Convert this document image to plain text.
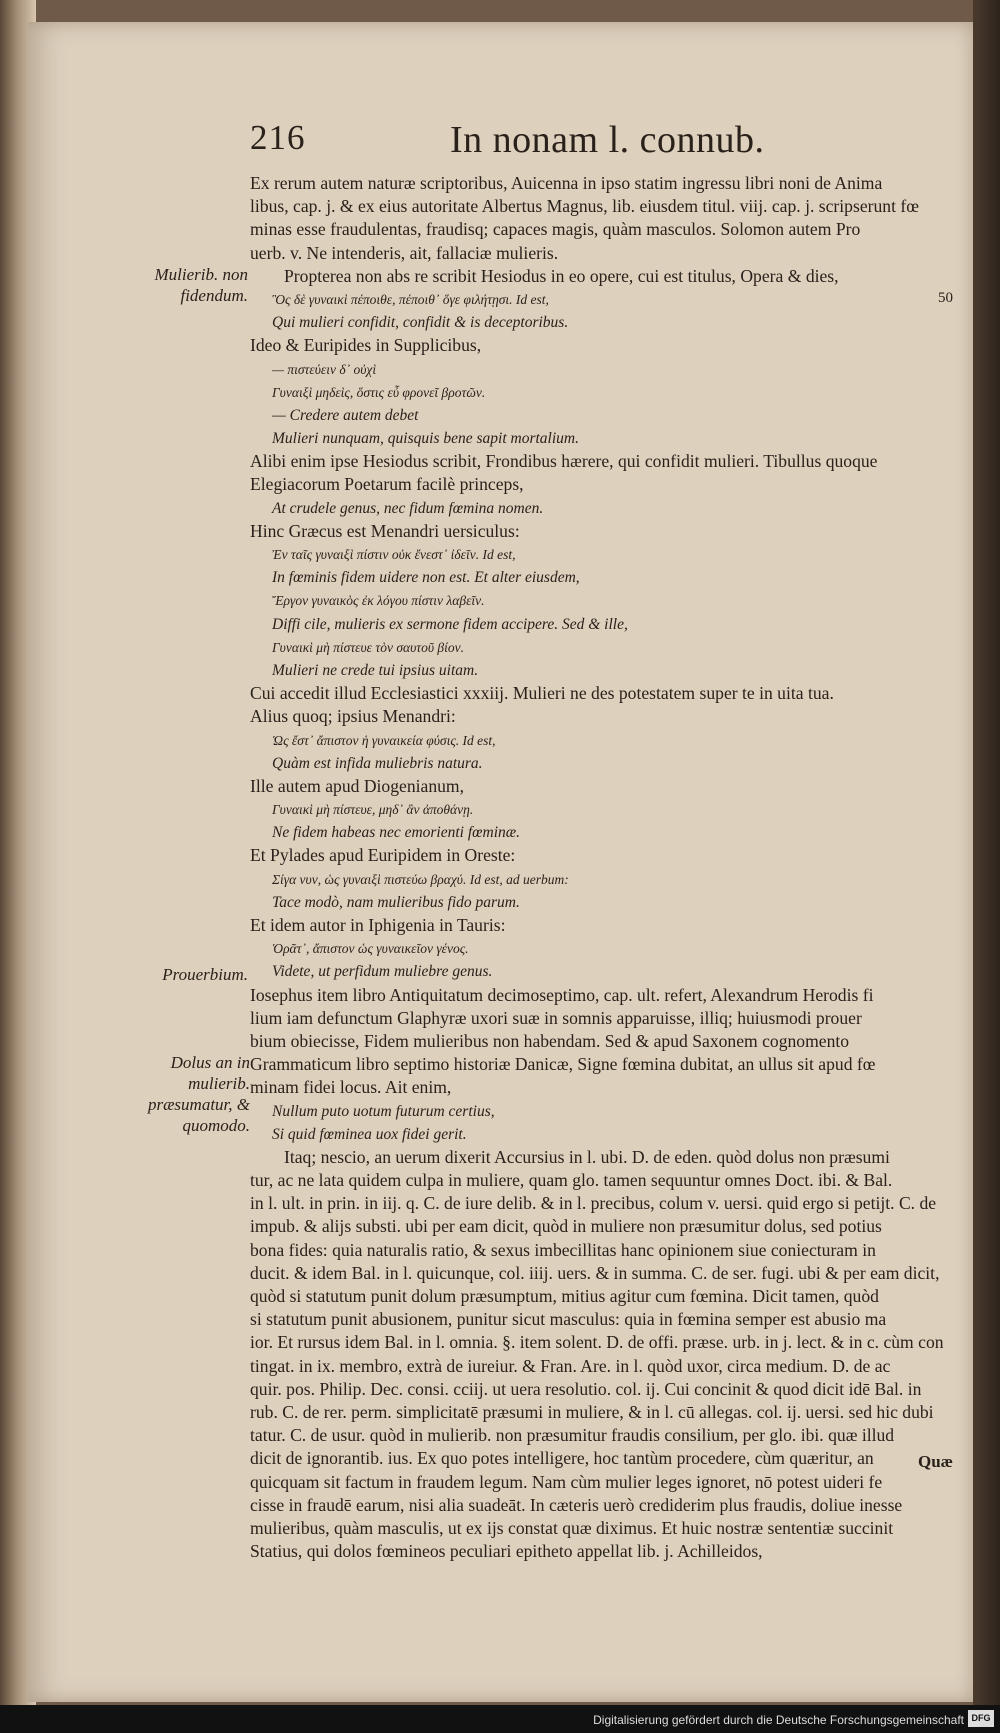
216	In nonam l. connub.
Mulierib. non fidendum.
Prouerbium.
Dolus an in mulierib. præsumatur, & quomodo.
50
Ex rerum autem naturæ scriptoribus, Auicenna in ipso statim ingressu libri noni de Anima
libus, cap. j. & ex eius autoritate Albertus Magnus, lib. eiusdem titul. viij. cap. j. scripserunt fœ
minas esse fraudulentas, fraudisq; capaces magis, quàm masculos. Solomon autem Pro
uerb. v. Ne intenderis, ait, fallaciæ mulieris.
Propterea non abs re scribit Hesiodus in eo opere, cui est titulus, Opera & dies,
Ὃς δὲ γυναικὶ πέποιθε, πέποιθ᾽ ὅγε φιλήτῃσι. Id est,
Qui mulieri confidit, confidit & is deceptoribus.
Ideo & Euripides in Supplicibus,
— πιστεύειν δ᾽ οὐχὶ
Γυναιξὶ μηδεὶς, ὅστις εὖ φρονεῖ βροτῶν.
— Credere autem debet
Mulieri nunquam, quisquis bene sapit mortalium.
Alibi enim ipse Hesiodus scribit, Frondibus hærere, qui confidit mulieri. Tibullus quoque
Elegiacorum Poetarum facilè princeps,
At crudele genus, nec fidum fœmina nomen.
Hinc Græcus est Menandri uersiculus:
Ἐν ταῖς γυναιξὶ πίστιν οὐκ ἔνεστ᾽ ἰδεῖν. Id est,
In fœminis fidem uidere non est. Et alter eiusdem,
Ἔργον γυναικὸς ἐκ λόγου πίστιν λαβεῖν.
Diffi cile, mulieris ex sermone fidem accipere. Sed & ille,
Γυναικὶ μὴ πίστευε τὸν σαυτοῦ βίον.
Mulieri ne crede tui ipsius uitam.
Cui accedit illud Ecclesiastici xxxiij. Mulieri ne des potestatem super te in uita tua.
Alius quoq; ipsius Menandri:
Ὡς ἔστ᾽ ἄπιστον ἡ γυναικεία φύσις. Id est,
Quàm est infida muliebris natura.
Ille autem apud Diogenianum,
Γυναικὶ μὴ πίστευε, μηδ᾽ ἂν ἀποθάνῃ.
Ne fidem habeas nec emorienti fœminæ.
Et Pylades apud Euripidem in Oreste:
Σίγα νυν, ὡς γυναιξὶ πιστεύω βραχύ. Id est, ad uerbum:
Tace modò, nam mulieribus fido parum.
Et idem autor in Iphigenia in Tauris:
Ὁρᾶτ᾽, ἄπιστον ὡς γυναικεῖον γένος.
Videte, ut perfidum muliebre genus.
Iosephus item libro Antiquitatum decimoseptimo, cap. ult. refert, Alexandrum Herodis fi
lium iam defunctum Glaphyræ uxori suæ in somnis apparuisse, illiq; huiusmodi prouer
bium obiecisse, Fidem mulieribus non habendam. Sed & apud Saxonem cognomento
Grammaticum libro septimo historiæ Danicæ, Signe fœmina dubitat, an ullus sit apud fœ
minam fidei locus. Ait enim,
Nullum puto uotum futurum certius,
Si quid fœminea uox fidei gerit.
Itaq; nescio, an uerum dixerit Accursius in l. ubi. D. de eden. quòd dolus non præsumi
tur, ac ne lata quidem culpa in muliere, quam glo. tamen sequuntur omnes Doct. ibi. & Bal.
in l. ult. in prin. in iij. q. C. de iure delib. & in l. precibus, colum v. uersi. quid ergo si petijt. C. de
impub. & alijs substi. ubi per eam dicit, quòd in muliere non præsumitur dolus, sed potius
bona fides: quia naturalis ratio, & sexus imbecillitas hanc opinionem siue coniecturam in
ducit. & idem Bal. in l. quicunque, col. iiij. uers. & in summa. C. de ser. fugi. ubi & per eam dicit,
quòd si statutum punit dolum præsumptum, mitius agitur cum fœmina. Dicit tamen, quòd
si statutum punit abusionem, punitur sicut masculus: quia in fœmina semper est abusio ma
ior. Et rursus idem Bal. in l. omnia. §. item solent. D. de offi. præse. urb. in j. lect. & in c. cùm con
tingat. in ix. membro, extrà de iureiur. & Fran. Are. in l. quòd uxor, circa medium. D. de ac
quir. pos. Philip. Dec. consi. cciij. ut uera resolutio. col. ij. Cui concinit & quod dicit idē Bal. in
rub. C. de rer. perm. simplicitatē præsumi in muliere, & in l. cū allegas. col. ij. uersi. sed hic dubi
tatur. C. de usur. quòd in mulierib. non præsumitur fraudis consilium, per glo. ibi. quæ illud
dicit de ignorantib. ius. Ex quo potes intelligere, hoc tantùm procedere, cùm quæritur, an
quicquam sit factum in fraudem legum. Nam cùm mulier leges ignoret, nō potest uideri fe
cisse in fraudē earum, nisi alia suadeāt. In cæteris uerò crediderim plus fraudis, doliue inesse
mulieribus, quàm masculis, ut ex ijs constat quæ diximus. Et huic nostræ sententiæ succinit
Statius, qui dolos fœmineos peculiari epitheto appellat lib. j. Achilleidos,
Quæ
Digitalisierung gefördert durch die Deutsche Forschungsgemeinschaft DFG
